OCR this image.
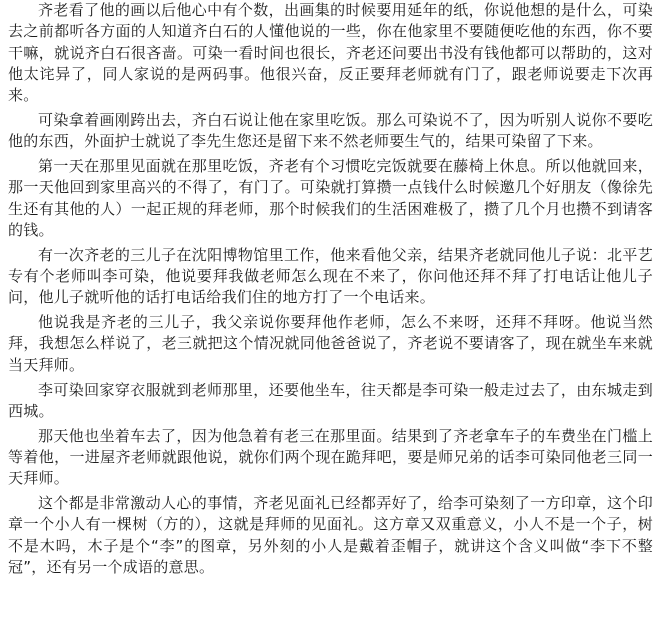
齐老看了他的画以后他心中有个数，出画集的时候要用延年的纸，你说他想的是什么，可染去之前都听各方面的人知道齐白石的人懂他说的一些，你在他家里不要随便吃他的东西，你不要干嘛，就说齐白石很吝啬。可染一看时间也很长，齐老还问要出书没有钱他都可以帮助的，这对他太诧异了，同人家说的是两码事。他很兴奋，反正要拜老师就有门了，跟老师说要走下次再来。

可染拿着画刚跨出去，齐白石说让他在家里吃饭。那么可染说不了，因为听别人说你不要吃他的东西，外面护士就说了李先生您还是留下来不然老师要生气的，结果可染留了下来。

第一天在那里见面就在那里吃饭，齐老有个习惯吃完饭就要在藤椅上休息。所以他就回来，那一天他回到家里高兴的不得了，有门了。可染就打算攒一点钱什么时候邀几个好朋友（像徐先生还有其他的人）一起正规的拜老师，那个时候我们的生活困难极了，攒了几个月也攒不到请客的钱。

有一次齐老的三儿子在沈阳博物馆里工作，他来看他父亲，结果齐老就同他儿子说：北平艺专有个老师叫李可染，他说要拜我做老师怎么现在不来了，你问他还拜不拜了打电话让他儿子问，他儿子就听他的话打电话给我们住的地方打了一个电话来。

他说我是齐老的三儿子，我父亲说你要拜他作老师，怎么不来呀，还拜不拜呀。他说当然拜，我想怎么样说了，老三就把这个情况就同他爸爸说了，齐老说不要请客了，现在就坐车来就当天拜师。

李可染回家穿衣服就到老师那里，还要他坐车，往天都是李可染一般走过去了，由东城走到西城。

那天他也坐着车去了，因为他急着有老三在那里面。结果到了齐老拿车子的车费坐在门槛上等着他，一进屋齐老师就跟他说，就你们两个现在跪拜吧，要是师兄弟的话李可染同他老三同一天拜师。

这个都是非常激动人心的事情，齐老见面礼已经都弄好了，给李可染刻了一方印章，这个印章一个小人有一棵树（方的），这就是拜师的见面礼。这方章又双重意义，小人不是一个子，树不是木吗，木子是个“李”的图章，另外刻的小人是戴着歪帽子，就讲这个含义叫做“李下不整冠”，还有另一个成语的意思。
